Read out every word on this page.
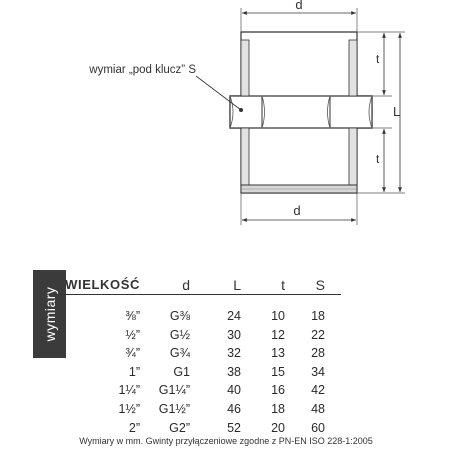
d
d
t
t
L
wymiar „pod klucz” S
wymiary
WIELKOŚĆ	d	L	t S
⅜” G⅜	24 10 18
½” G½	30 12 22
¾” G¾	32 13 28
1”	G1	38 15 34
1¼” G1¼”	40 16 42
1½” G1½”	46 18 48
2” G2”	52 20 60
Wymiary w mm. Gwinty przyłączeniowe zgodne z PN-EN ISO 228-1:2005
